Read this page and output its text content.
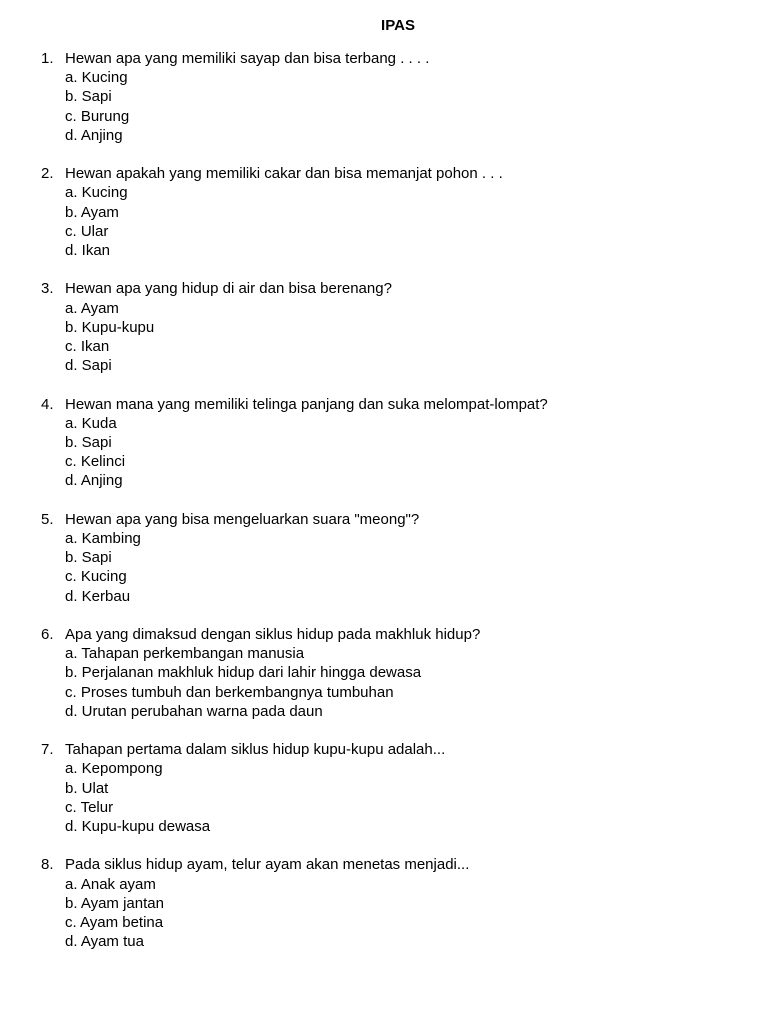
IPAS
1. Hewan apa yang memiliki sayap dan bisa terbang . . . .
a. Kucing
b. Sapi
c. Burung
d. Anjing
2. Hewan apakah yang memiliki cakar dan bisa memanjat pohon . . .
a. Kucing
b. Ayam
c. Ular
d. Ikan
3. Hewan apa yang hidup di air dan bisa berenang?
a. Ayam
b. Kupu-kupu
c. Ikan
d. Sapi
4. Hewan mana yang memiliki telinga panjang dan suka melompat-lompat?
a. Kuda
b. Sapi
c. Kelinci
d. Anjing
5. Hewan apa yang bisa mengeluarkan suara "meong"?
a. Kambing
b. Sapi
c. Kucing
d. Kerbau
6. Apa yang dimaksud dengan siklus hidup pada makhluk hidup?
a. Tahapan perkembangan manusia
b. Perjalanan makhluk hidup dari lahir hingga dewasa
c. Proses tumbuh dan berkembangnya tumbuhan
d. Urutan perubahan warna pada daun
7. Tahapan pertama dalam siklus hidup kupu-kupu adalah...
a. Kepompong
b. Ulat
c. Telur
d. Kupu-kupu dewasa
8. Pada siklus hidup ayam, telur ayam akan menetas menjadi...
a. Anak ayam
b. Ayam jantan
c. Ayam betina
d. Ayam tua
